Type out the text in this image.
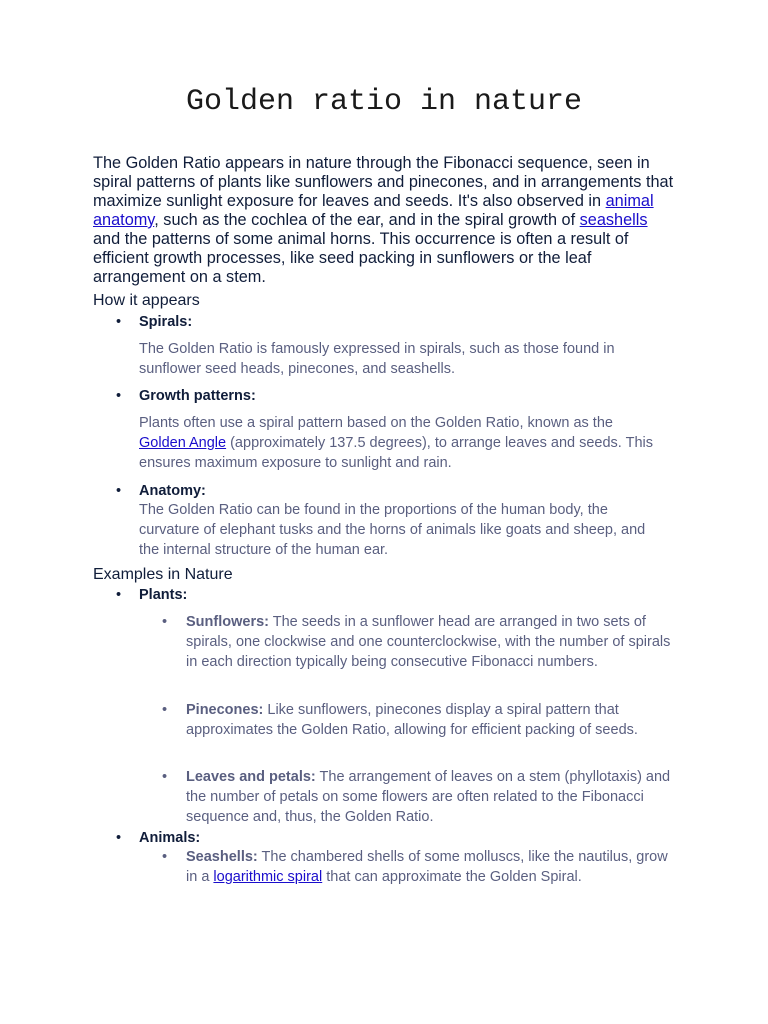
Golden ratio in nature
The Golden Ratio appears in nature through the Fibonacci sequence, seen in spiral patterns of plants like sunflowers and pinecones, and in arrangements that maximize sunlight exposure for leaves and seeds. It's also observed in animal anatomy, such as the cochlea of the ear, and in the spiral growth of seashells and the patterns of some animal horns. This occurrence is often a result of efficient growth processes, like seed packing in sunflowers or the leaf arrangement on a stem.
How it appears
• Spirals:
The Golden Ratio is famously expressed in spirals, such as those found in sunflower seed heads, pinecones, and seashells.
• Growth patterns:
Plants often use a spiral pattern based on the Golden Ratio, known as the Golden Angle (approximately 137.5 degrees), to arrange leaves and seeds. This ensures maximum exposure to sunlight and rain.
• Anatomy:
The Golden Ratio can be found in the proportions of the human body, the curvature of elephant tusks and the horns of animals like goats and sheep, and the internal structure of the human ear.
Examples in Nature
• Plants:
• Sunflowers: The seeds in a sunflower head are arranged in two sets of spirals, one clockwise and one counterclockwise, with the number of spirals in each direction typically being consecutive Fibonacci numbers.
• Pinecones: Like sunflowers, pinecones display a spiral pattern that approximates the Golden Ratio, allowing for efficient packing of seeds.
• Leaves and petals: The arrangement of leaves on a stem (phyllotaxis) and the number of petals on some flowers are often related to the Fibonacci sequence and, thus, the Golden Ratio.
• Animals:
• Seashells: The chambered shells of some molluscs, like the nautilus, grow in a logarithmic spiral that can approximate the Golden Spiral.
